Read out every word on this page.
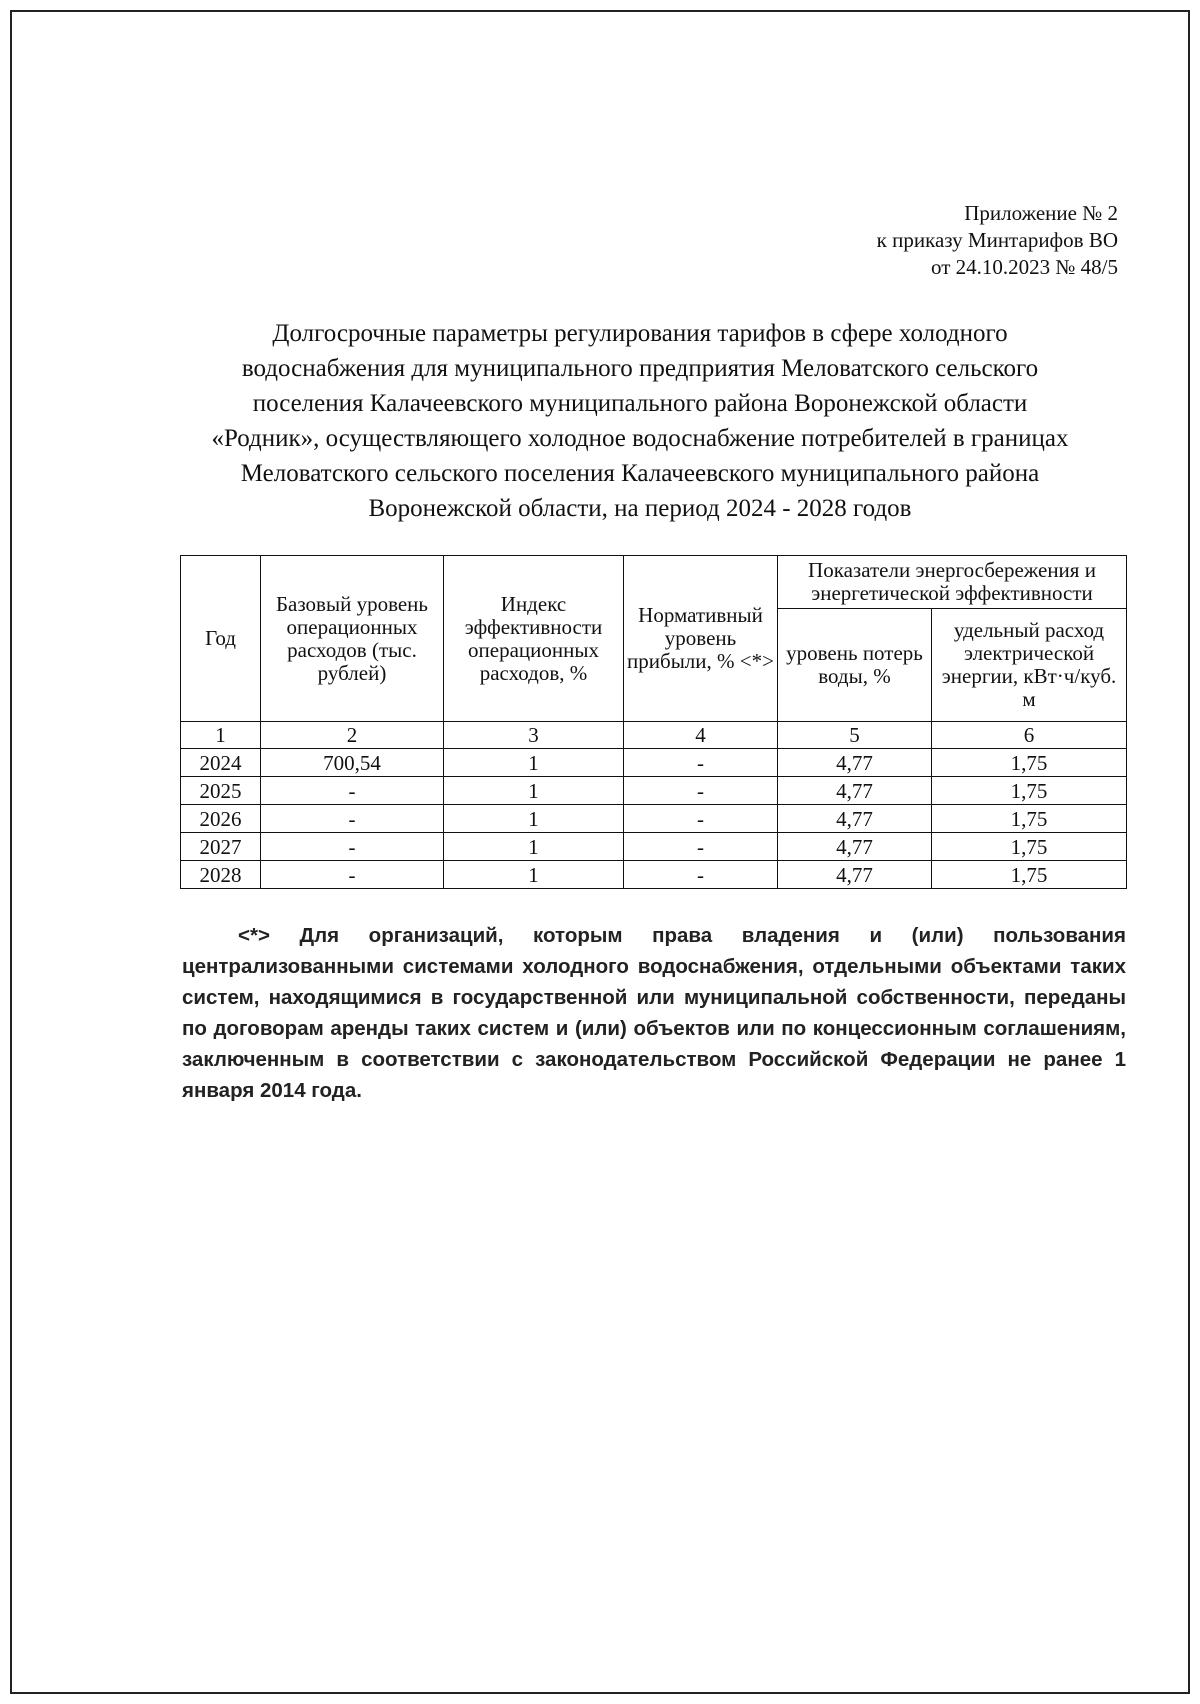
Приложение № 2
к приказу Минтарифов ВО
от 24.10.2023 № 48/5
Долгосрочные параметры регулирования тарифов в сфере холодного
водоснабжения для муниципального предприятия Меловатского сельского
поселения Калачеевского муниципального района Воронежской области
«Родник», осуществляющего холодное водоснабжение потребителей в границах
Меловатского сельского поселения Калачеевского муниципального района
Воронежской области, на период 2024 - 2028 годов
Год	Базовый уровень операционных расходов (тыс. рублей)	Индекс эффективности операционных расходов, %	Нормативный уровень прибыли, % <*>	Показатели энергосбережения и энергетической эффективности	
				уровень потерь воды, %	удельный расход электрической энергии, кВт·ч/куб. м
1	2	3	4	5	6
2024	700,54	1	-	4,77	1,75
2025	-	1	-	4,77	1,75
2026	-	1	-	4,77	1,75
2027	-	1	-	4,77	1,75
2028	-	1	-	4,77	1,75
<*> Для организаций, которым права владения и (или) пользования централизованными системами холодного водоснабжения, отдельными объектами таких систем, находящимися в государственной или муниципальной собственности, переданы по договорам аренды таких систем и (или) объектов или по концессионным соглашениям, заключенным в соответствии с законодательством Российской Федерации не ранее 1 января 2014 года.
